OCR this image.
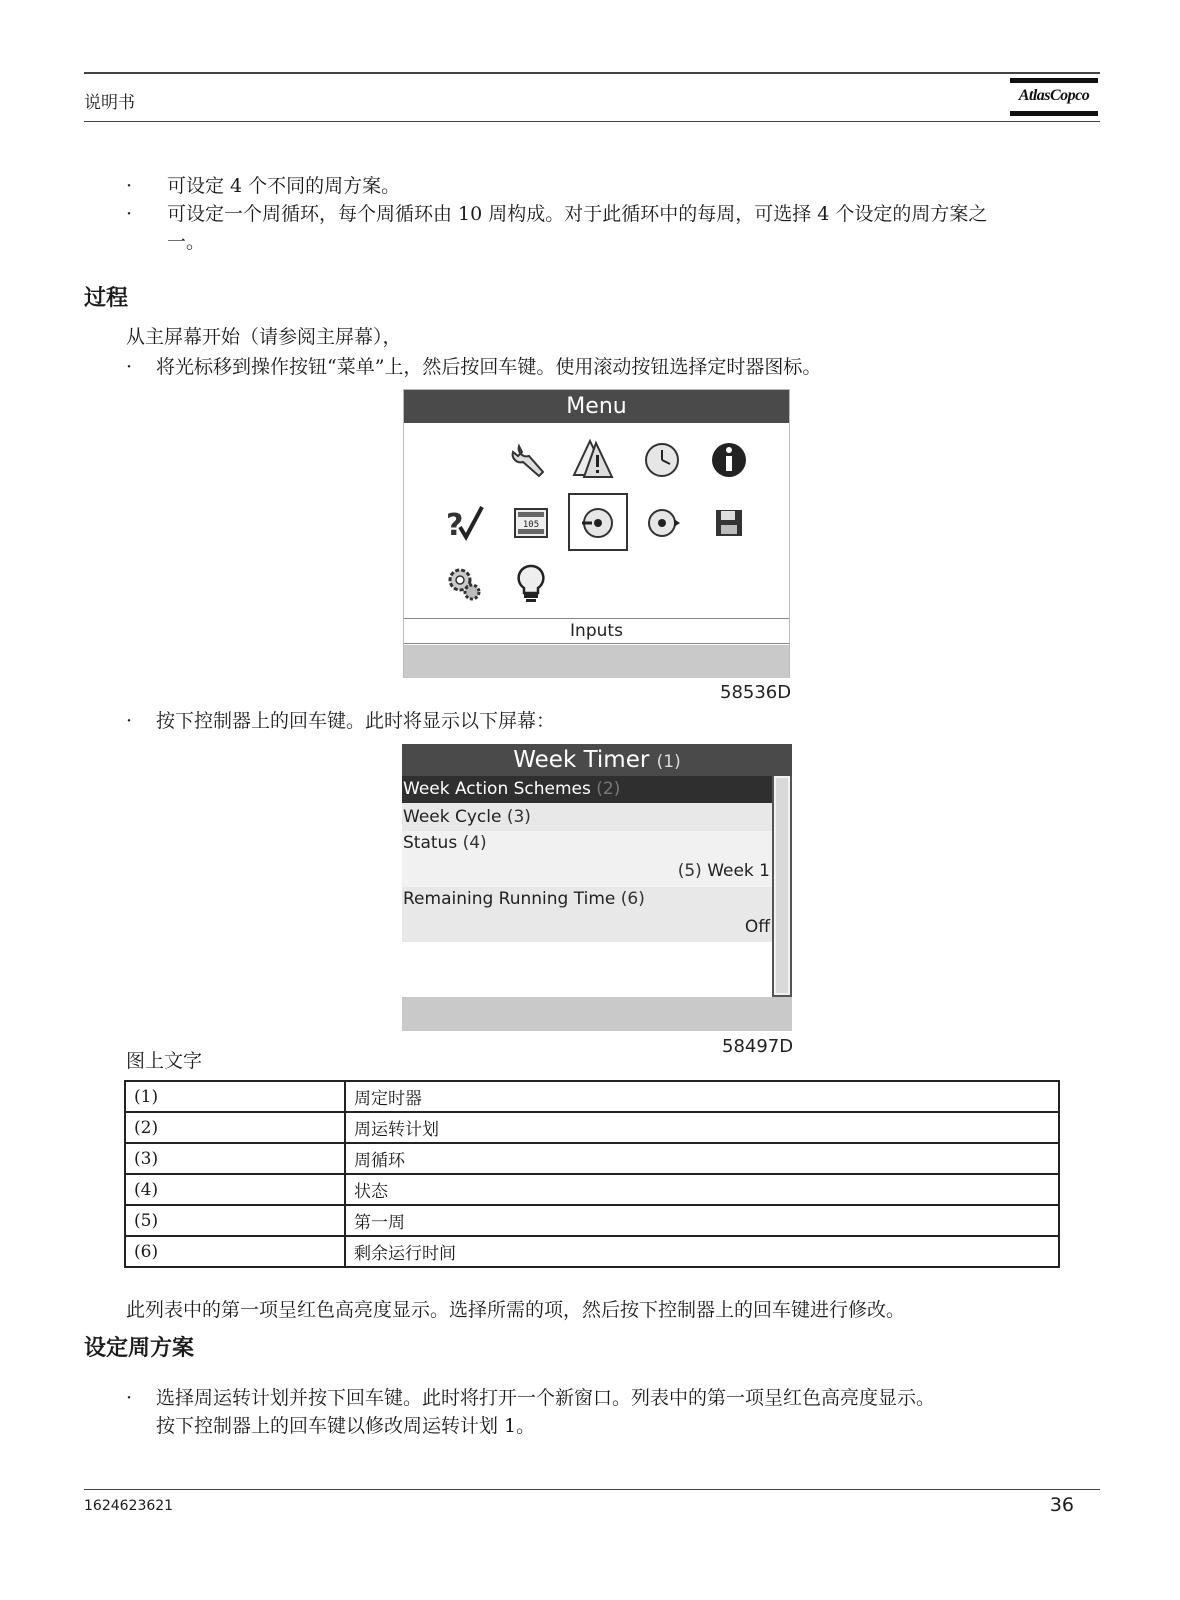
说明书	AtlasCopco
· 可设定 4 个不同的周方案。
· 可设定一个周循环，每个周循环由 10 周构成。对于此循环中的每周，可选择 4 个设定的周方案之
一。
过程
从主屏幕开始（请参阅主屏幕），
· 将光标移到操作按钮“菜单”上，然后按回车键。使用滚动按钮选择定时器图标。
Menu
?	105
Inputs
58536D
· 按下控制器上的回车键。此时将显示以下屏幕：
Week Timer (1)
Week Action Schemes (2)
Week Cycle (3)
Status (4)
(5) Week 1
Remaining Running Time (6)
Off
图上文字
58497D
(1)	周定时器
(2)	周运转计划
(3)	周循环
(4)	状态
(5)	第一周
(6)	剩余运行时间
此列表中的第一项呈红色高亮度显示。选择所需的项，然后按下控制器上的回车键进行修改。
设定周方案
· 选择周运转计划并按下回车键。此时将打开一个新窗口。列表中的第一项呈红色高亮度显示。
按下控制器上的回车键以修改周运转计划 1。
1624623621	36
